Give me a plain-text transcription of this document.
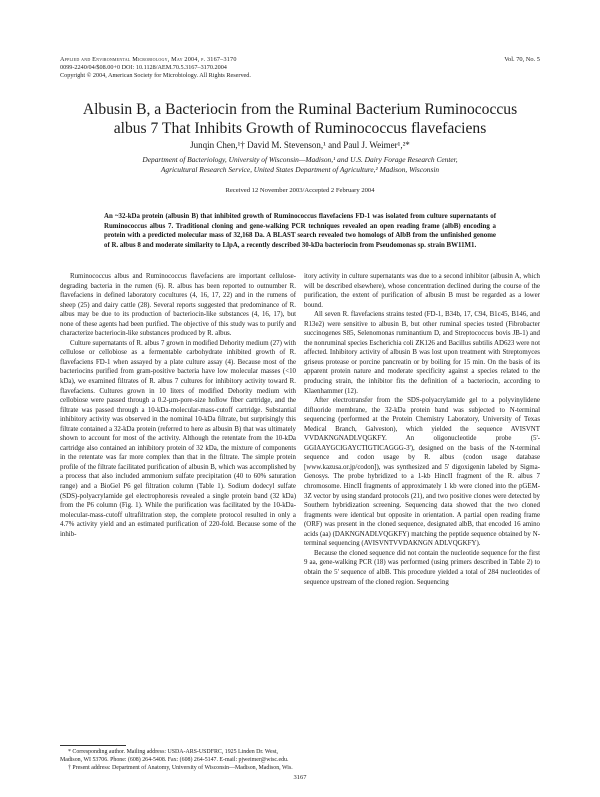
Applied and Environmental Microbiology, May 2004, p. 3167–3170
0099-2240/04/$08.00+0 DOI: 10.1128/AEM.70.5.3167–3170.2004
Copyright © 2004, American Society for Microbiology. All Rights Reserved.
Vol. 70, No. 5
Albusin B, a Bacteriocin from the Ruminal Bacterium Ruminococcus
albus 7 That Inhibits Growth of Ruminococcus flavefaciens
Junqin Chen,¹† David M. Stevenson,¹ and Paul J. Weimer¹,²*
Department of Bacteriology, University of Wisconsin—Madison,¹ and U.S. Dairy Forage Research Center,
Agricultural Research Service, United States Department of Agriculture,² Madison, Wisconsin
Received 12 November 2003/Accepted 2 February 2004
An ~32-kDa protein (albusin B) that inhibited growth of Ruminococcus flavefaciens FD-1 was isolated from culture supernatants of Ruminococcus albus 7. Traditional cloning and gene-walking PCR techniques revealed an open reading frame (albB) encoding a protein with a predicted molecular mass of 32,168 Da. A BLAST search revealed two homologs of AlbB from the unfinished genome of R. albus 8 and moderate similarity to LlpA, a recently described 30-kDa bacteriocin from Pseudomonas sp. strain BW11M1.

Ruminococcus albus and Ruminococcus flavefaciens are important cellulose-degrading bacteria in the rumen (6). R. albus has been reported to outnumber R. flavefaciens in defined laboratory cocultures (4, 16, 17, 22) and in the rumens of sheep (25) and dairy cattle (28). Several reports suggested that predominance of R. albus may be due to its production of bacteriocin-like substances (4, 16, 17), but none of these agents had been purified. The objective of this study was to purify and characterize bacteriocin-like substances produced by R. albus.

Culture supernatants of R. albus 7 grown in modified Dehority medium (27) with cellulose or cellobiose as a fermentable carbohydrate inhibited growth of R. flavefaciens FD-1 when assayed by a plate culture assay (4). Because most of the bacteriocins purified from gram-positive bacteria have low molecular masses (<10 kDa), we examined filtrates of R. albus 7 cultures for inhibitory activity toward R. flavefaciens. Cultures grown in 10 liters of modified Dehority medium with cellobiose were passed through a 0.2-µm-pore-size hollow fiber cartridge, and the filtrate was passed through a 10-kDa-molecular-mass-cutoff cartridge. Substantial inhibitory activity was observed in the nominal 10-kDa filtrate, but surprisingly this filtrate contained a 32-kDa protein (referred to here as albusin B) that was ultimately shown to account for most of the activity. Although the retentate from the 10-kDa cartridge also contained an inhibitory protein of 32 kDa, the mixture of components in the retentate was far more complex than that in the filtrate. The simple protein profile of the filtrate facilitated purification of albusin B, which was accomplished by a process that also included ammonium sulfate precipitation (40 to 60% saturation range) and a BioGel P6 gel filtration column (Table 1). Sodium dodecyl sulfate (SDS)-polyacrylamide gel electrophoresis revealed a single protein band (32 kDa) from the P6 column (Fig. 1). While the purification was facilitated by the 10-kDa-molecular-mass-cutoff ultrafiltration step, the complete protocol resulted in only a 4.7% activity yield and an estimated purification of 220-fold. Because some of the inhib-

itory activity in culture supernatants was due to a second inhibitor (albusin A, which will be described elsewhere), whose concentration declined during the course of the purification, the extent of purification of albusin B must be regarded as a lower bound.

All seven R. flavefaciens strains tested (FD-1, B34b, 17, C94, B1c45, B146, and R13e2) were sensitive to albusin B, but other ruminal species tested (Fibrobacter succinogenes S85, Selenomonas ruminantium D, and Streptococcus bovis JB-1) and the nonruminal species Escherichia coli ZK126 and Bacillus subtilis AD623 were not affected. Inhibitory activity of albusin B was lost upon treatment with Streptomyces griseus protease or porcine pancreatin or by boiling for 15 min. On the basis of its apparent protein nature and moderate specificity against a species related to the producing strain, the inhibitor fits the definition of a bacteriocin, according to Klaenhammer (12).

After electrotransfer from the SDS-polyacrylamide gel to a polyvinylidene difluoride membrane, the 32-kDa protein band was subjected to N-terminal sequencing (performed at the Protein Chemistry Laboratory, University of Texas Medical Branch, Galveston), which yielded the sequence AVISVNT VVDAKNGNADLVQGKFY. An oligonucleotide probe (5'-GGIAAYGCIGAYCTIGTICAGGG-3'), designed on the basis of the N-terminal sequence and codon usage by R. albus (codon usage database [www.kazusa.or.jp/codon]), was synthesized and 5' digoxigenin labeled by Sigma-Genosys. The probe hybridized to a 1-kb HincII fragment of the R. albus 7 chromosome. HincII fragments of approximately 1 kb were cloned into the pGEM-3Z vector by using standard protocols (21), and two positive clones were detected by Southern hybridization screening. Sequencing data showed that the two cloned fragments were identical but opposite in orientation. A partial open reading frame (ORF) was present in the cloned sequence, designated albB, that encoded 16 amino acids (aa) (DAKNGNADLVQGKFY) matching the peptide sequence obtained by N-terminal sequencing (AVISVNTVVDAKNGN ADLVQGKFY).

Because the cloned sequence did not contain the nucleotide sequence for the first 9 aa, gene-walking PCR (18) was performed (using primers described in Table 2) to obtain the 5' sequence of albB. This procedure yielded a total of 284 nucleotides of sequence upstream of the cloned region. Sequencing

* Corresponding author. Mailing address: USDA-ARS-USDFRC, 1925 Linden Dr. West, Madison, WI 53706. Phone: (608) 264-5408. Fax: (608) 264-5147. E-mail: pjweimer@wisc.edu.

† Present address: Department of Anatomy, University of Wisconsin—Madison, Madison, Wis.

3167
